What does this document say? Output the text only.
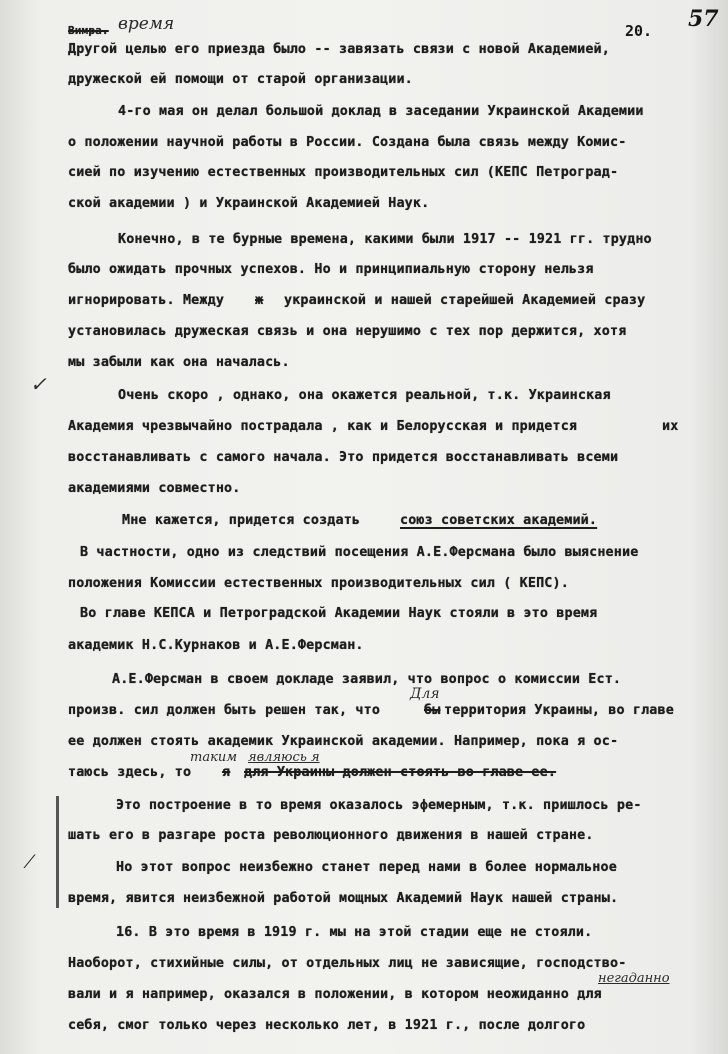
Вимра. время	20. 57
Другой целью его приезда было -- завязать связи с новой Академией,
дружеской ей помощи от старой организации.
4-го мая он делал большой доклад в заседании Украинской Академии
о положении научной работы в России. Создана была связь между Комис-
сией по изучению естественных производительных сил (КЕПС Петроград-
ской академии ) и Украинской Академией Наук.
Конечно, в те бурные времена, какими были 1917 -- 1921 гг. трудно
было ожидать прочных успехов. Но и принципиальную сторону нельзя
игнорировать. Между ж украинской и нашей старейшей Академией сразу
установилась дружеская связь и она нерушимо с тех пор держится, хотя
мы забыли как она началась.
✓	Очень скоро , однако, она окажется реальной, т.к. Украинская
Академия чрезвычайно пострадала , как и Белорусская и придется	их
восстанавливать с самого начала. Это придется восстанавливать всеми
академиями совместно.
Мне кажется, придется создать	союз советских академий.
В частности, одно из следствий посещения А.Е.Ферсмана было выяснение
положения Комиссии естественных производительных сил ( КЕПС).
Во главе КЕПСА и Петроградской Академии Наук стояли в это время
академик Н.С.Курнаков и А.Е.Ферсман.
А.Е.Ферсман в своем докладе заявил, что вопрос о комиссии Ест.
Для
произв. сил должен быть решен так, что	бы территория Украины, во главе
ее должен стоять академик Украинской академии. Например, пока я ос-
таким являюсь я
таюсь здесь, то я для Украины должен стоять во главе ее.
⁄
Это построение в то время оказалось эфемерным, т.к. пришлось ре-
шать его в разгаре роста революционного движения в нашей стране.
Но этот вопрос неизбежно станет перед нами в более нормальное
время, явится неизбежной работой мощных Академий Наук нашей страны.
16. В это время в 1919 г. мы на этой стадии еще не стояли.
Наоборот, стихийные силы, от отдельных лиц не зависящие, господство-
негаданно
вали и я например, оказался в положении, в котором неожиданно для
себя, смог только через несколько лет, в 1921 г., после долгого
